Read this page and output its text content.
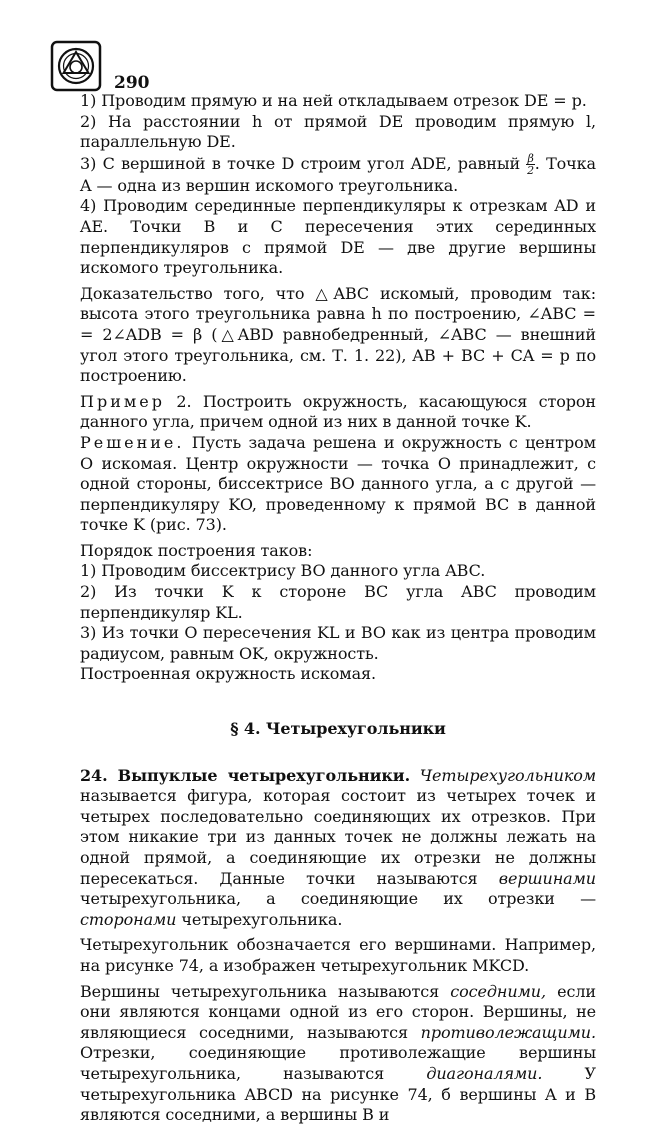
290

1) Проводим прямую и на ней откладываем отрезок DE = p.

2) На расстоянии h от прямой DE проводим прямую l, параллельную DE.

3) С вершиной в точке D строим угол ADE, равный $\frac{\beta}{2}$ . Точка A — одна из вершин искомого треугольника.

4) Проводим серединные перпендикуляры к отрезкам AD и AE. Точки B и C пересечения этих серединных перпендикуляров с прямой DE — две другие вершины искомого треугольника.

Доказательство того, что △ABC искомый, проводим так: высота этого треугольника равна h по построению, ∠ABC = = 2∠ADB = β (△ABD равнобедренный, ∠ABC — внешний угол этого треугольника, см. Т. 1. 22), AB + BC + CA = p по построению.

Пример 2. Построить окружность, касающуюся сторон данного угла, причем одной из них в данной точке K.

Решение. Пусть задача решена и окружность с центром O искомая. Центр окружности — точка O принадлежит, с одной стороны, биссектрисе BO данного угла, а с другой — перпендикуляру KO, проведенному к прямой BC в данной точке K (рис. 73).

Порядок построения таков:

1) Проводим биссектрису BO данного угла ABC.

2) Из точки K к стороне BC угла ABC проводим перпендикуляр KL.

3) Из точки O пересечения KL и BO как из центра проводим радиусом, равным OK, окружность.

Построенная окружность искомая.

§ 4. Четырехугольники

24. Выпуклые четырехугольники. Четырехугольником называется фигура, которая состоит из четырех точек и четырех последовательно соединяющих их отрезков. При этом никакие три из данных точек не должны лежать на одной прямой, а соединяющие их отрезки не должны пересекаться. Данные точки называются вершинами четырехугольника, а соединяющие их отрезки — сторонами четырехугольника.

Четырехугольник обозначается его вершинами. Например, на рисунке 74, а изображен четырехугольник MKCD.

Вершины четырехугольника называются соседними, если они являются концами одной из его сторон. Вершины, не являющиеся соседними, называются противолежащими. Отрезки, соединяющие противолежащие вершины четырехугольника, называются	диагоналями.	У четырехугольника ABCD на рисунке 74, б вершины A и B являются соседними, а вершины B и
